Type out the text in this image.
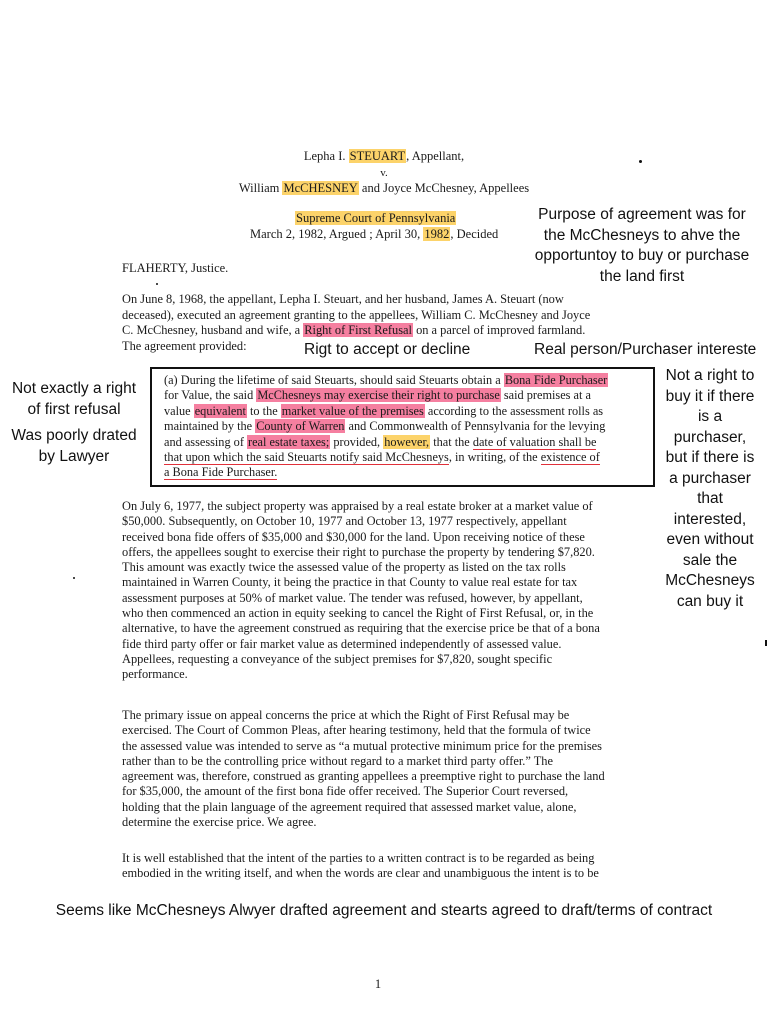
Lepha I. STEUART, Appellant,
v.
William McCHESNEY and Joyce McChesney, Appellees
Supreme Court of Pennsylvania
March 2, 1982, Argued ; April 30, 1982, Decided
FLAHERTY, Justice.
On June 8, 1968, the appellant, Lepha I. Steuart, and her husband, James A. Steuart (now
deceased), executed an agreement granting to the appellees, William C. McChesney and Joyce
C. McChesney, husband and wife, a Right of First Refusal on a parcel of improved farmland.
The agreement provided:
(a) During the lifetime of said Steuarts, should said Steuarts obtain a Bona Fide Purchaser
for Value, the said McChesneys may exercise their right to purchase said premises at a
value equivalent to the market value of the premises according to the assessment rolls as
maintained by the County of Warren and Commonwealth of Pennsylvania for the levying
and assessing of real estate taxes; provided, however, that the date of valuation shall be
that upon which the said Steuarts notify said McChesneys, in writing, of the existence of
a Bona Fide Purchaser.
On July 6, 1977, the subject property was appraised by a real estate broker at a market value of
$50,000. Subsequently, on October 10, 1977 and October 13, 1977 respectively, appellant
received bona fide offers of $35,000 and $30,000 for the land. Upon receiving notice of these
offers, the appellees sought to exercise their right to purchase the property by tendering $7,820.
This amount was exactly twice the assessed value of the property as listed on the tax rolls
maintained in Warren County, it being the practice in that County to value real estate for tax
assessment purposes at 50% of market value. The tender was refused, however, by appellant,
who then commenced an action in equity seeking to cancel the Right of First Refusal, or, in the
alternative, to have the agreement construed as requiring that the exercise price be that of a bona
fide third party offer or fair market value as determined independently of assessed value.
Appellees, requesting a conveyance of the subject premises for $7,820, sought specific
performance.
The primary issue on appeal concerns the price at which the Right of First Refusal may be
exercised. The Court of Common Pleas, after hearing testimony, held that the formula of twice
the assessed value was intended to serve as “a mutual protective minimum price for the premises
rather than to be the controlling price without regard to a market third party offer.” The
agreement was, therefore, construed as granting appellees a preemptive right to purchase the land
for $35,000, the amount of the first bona fide offer received. The Superior Court reversed,
holding that the plain language of the agreement required that assessed market value, alone,
determine the exercise price. We agree.
It is well established that the intent of the parties to a written contract is to be regarded as being
embodied in the writing itself, and when the words are clear and unambiguous the intent is to be
Purpose of agreement was for
the McChesneys to ahve the
opportuntoy to buy or purchase
the land first
Rigt to accept or decline	Real person/Purchaser intereste
Not exactly a right
of first refusal
Was poorly drated
by Lawyer
Not a right to
buy it if there
is a
purchaser,
but if there is
a purchaser
that
interested,
even without
sale the
McChesneys
can buy it
Seems like McChesneys Alwyer drafted agreement and stearts agreed to draft/terms of contract
1
